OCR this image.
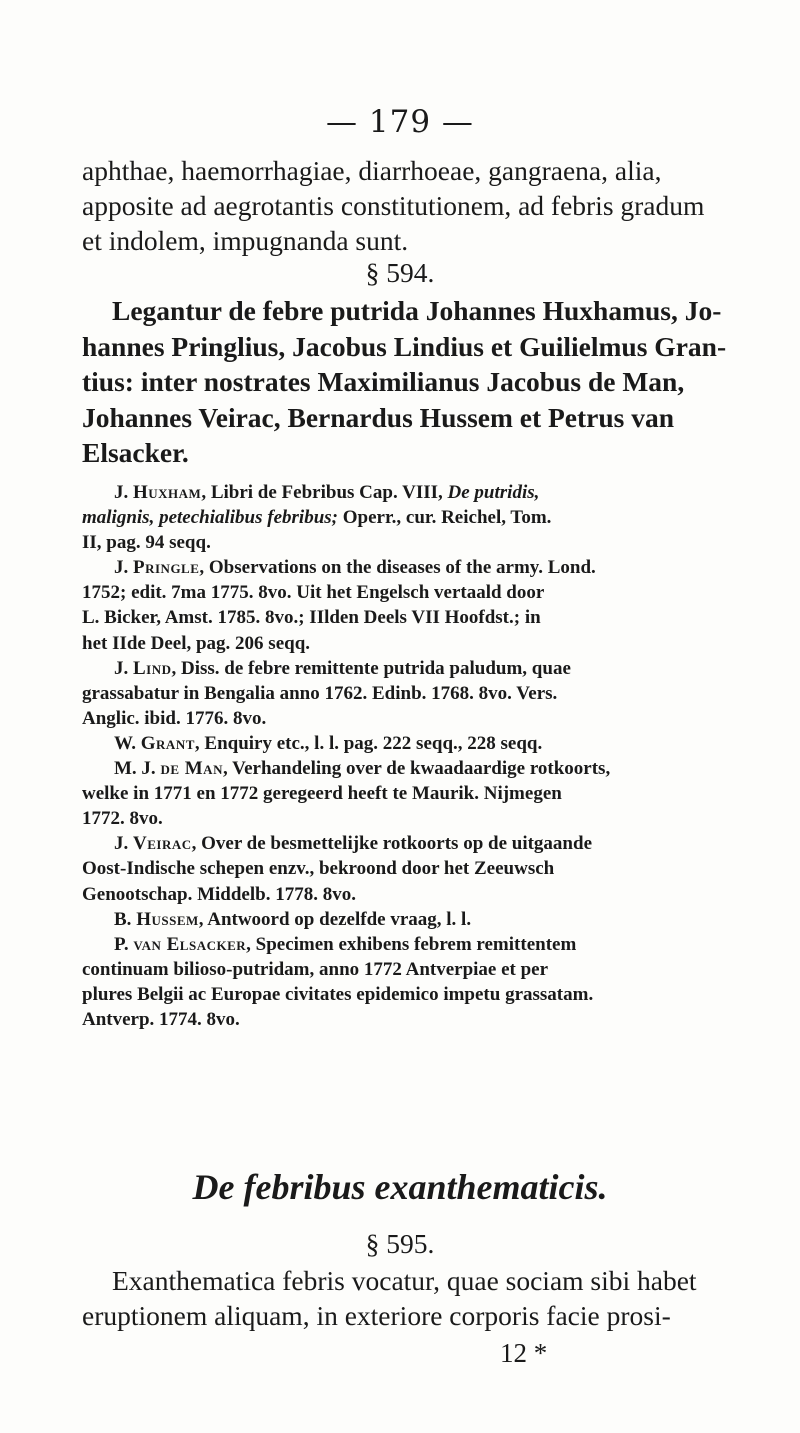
— 179 —
aphthae, haemorrhagiae, diarrhoeae, gangraena, alia,
apposite ad aegrotantis constitutionem, ad febris gradum
et indolem, impugnanda sunt.
§ 594.
Legantur de febre putrida Johannes Huxhamus, Jo-
hannes Pringlius, Jacobus Lindius et Guilielmus Gran-
tius: inter nostrates Maximilianus Jacobus de Man,
Johannes Veirac, Bernardus Hussem et Petrus van
Elsacker.
J. Huxham, Libri de Febribus Cap. VIII, De putridis,
malignis, petechialibus febribus; Operr., cur. Reichel, Tom.
II, pag. 94 seqq.
J. Pringle, Observations on the diseases of the army. Lond.
1752; edit. 7ma 1775. 8vo. Uit het Engelsch vertaald door
L. Bicker, Amst. 1785. 8vo.; IIlden Deels VII Hoofdst.; in
het IIde Deel, pag. 206 seqq.
J. Lind, Diss. de febre remittente putrida paludum, quae
grassabatur in Bengalia anno 1762. Edinb. 1768. 8vo. Vers.
Anglic. ibid. 1776. 8vo.
W. Grant, Enquiry etc., l. l. pag. 222 seqq., 228 seqq.
M. J. de Man, Verhandeling over de kwaadaardige rotkoorts,
welke in 1771 en 1772 geregeerd heeft te Maurik. Nijmegen
1772. 8vo.
J. Veirac, Over de besmettelijke rotkoorts op de uitgaande
Oost-Indische schepen enzv., bekroond door het Zeeuwsch
Genootschap. Middelb. 1778. 8vo.
B. Hussem, Antwoord op dezelfde vraag, l. l.
P. van Elsacker, Specimen exhibens febrem remittentem
continuam bilioso-putridam, anno 1772 Antverpiae et per
plures Belgii ac Europae civitates epidemico impetu grassatam.
Antverp. 1774. 8vo.
De febribus exanthematicis.
§ 595.
Exanthematica febris vocatur, quae sociam sibi habet
eruptionem aliquam, in exteriore corporis facie prosi-
12 *
